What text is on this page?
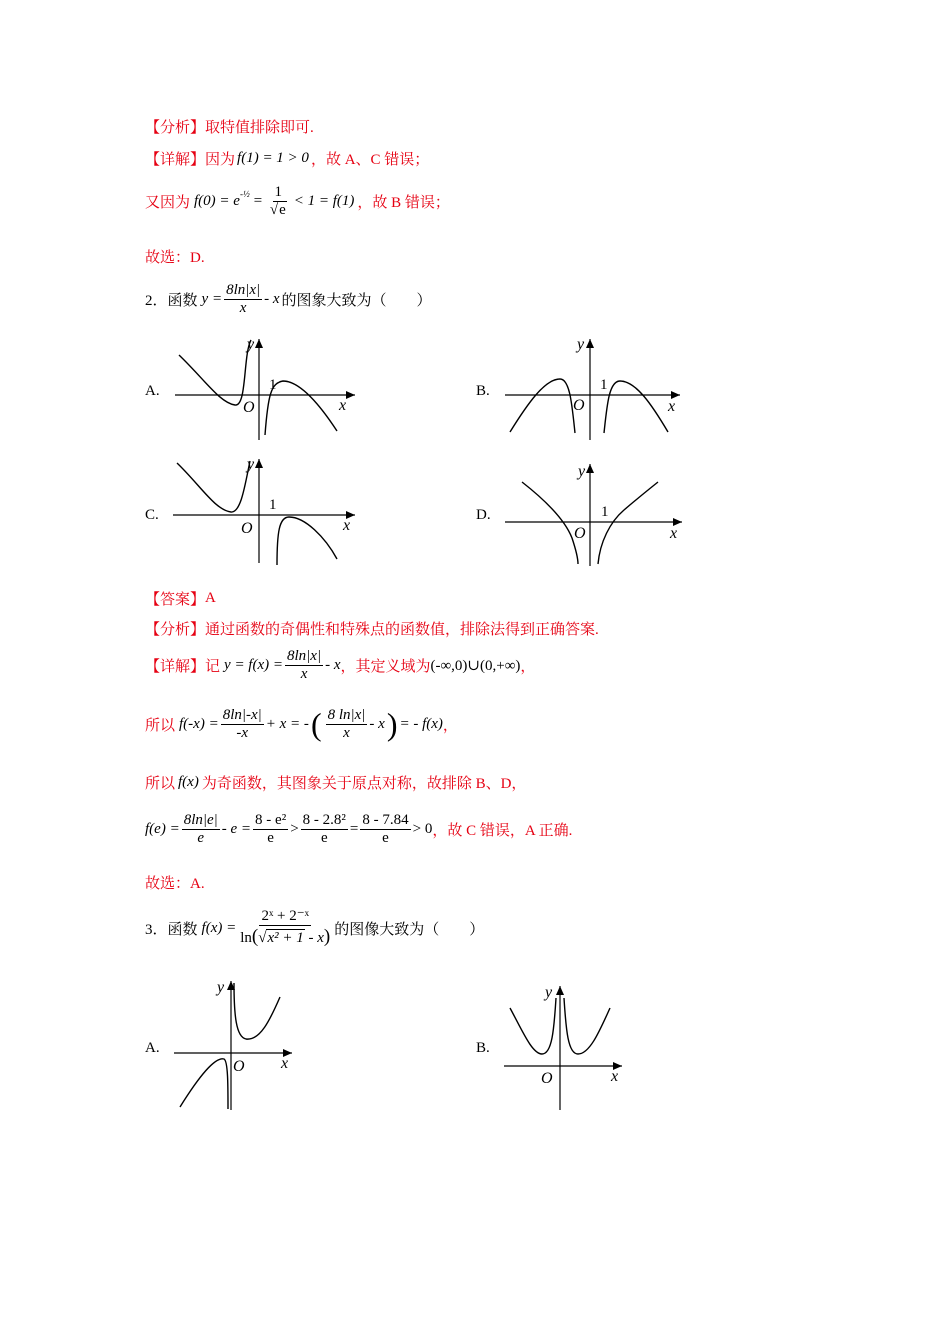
【分析】 取特值排除即可.
【详解】 因为 f(1) = 1 > 0 ，故 A、C 错误；
又因为 $f(0) = e^{-\frac{1}{2}} = \frac{1}{√e} < 1 = f(1)$ ，故 B 错误；
故选：D.
2． 函数 $y = \frac{8\ln|x|}{x} - x$ 的图象大致为（　　）
A.
y
x
O
1	B.
y
x
O
1
C.
y
x
O
1
D.
y
x
O
1
【答案】 A
【分析】 通过函数的奇偶性和特殊点的函数值，排除法得到正确答案.
【详解】 记 $y = f(x) = \frac{8\ln|x|}{x} - x$ ，其定义域为 (-∞,0)∪(0,+∞) ，
所以 $f(-x) = \frac{8\ln|-x|}{-x} + x$ = - ( $\frac{8 \ln|x|}{x}$ - x ) = - f(x) ，
所以 f(x) 为奇函数，其图象关于原点对称，故排除 B、D，
$f(e) = \frac{8\ln|e|}{e} - e = \frac{\text{8 - e²}}{e} > \frac{\text{8 - 2.8²}}{e} = \frac{8 - 7.84}{e} > 0$ ，故 C 错误，A 正确.
故选：A.
3． 函数 $f(x) = \frac{\text{2ˣ + 2⁻ˣ}}{\text{ln(√x² + 1 - x)}}$ 的图像大致为（　　）
A.
y
x
O
B.
y
x
O
